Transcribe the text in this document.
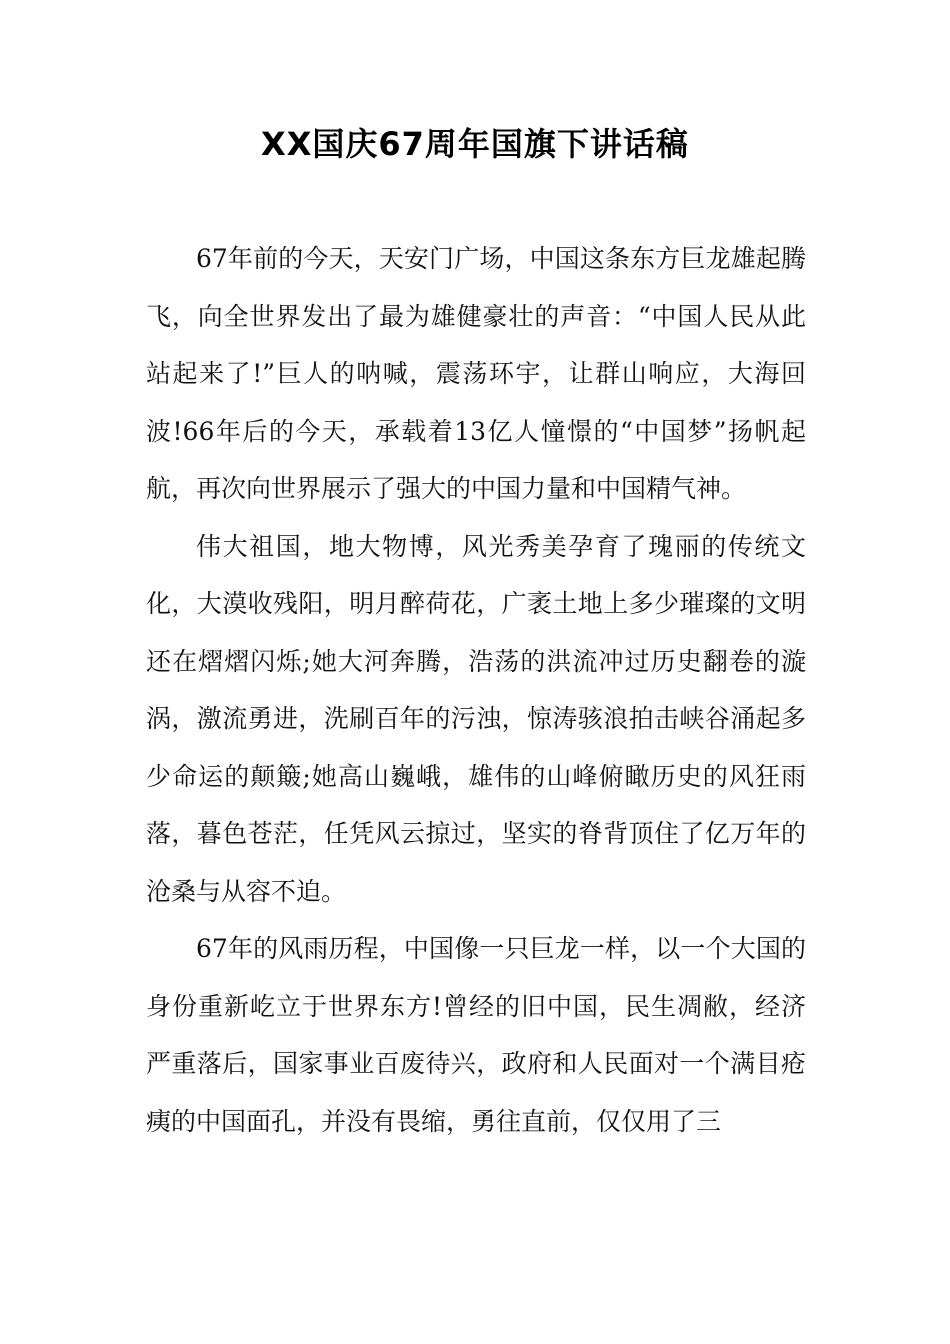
XX国庆67周年国旗下讲话稿

67年前的今天，天安门广场，中国这条东方巨龙雄起腾飞，向全世界发出了最为雄健豪壮的声音：“中国人民从此站起来了!”巨人的呐喊，震荡环宇，让群山响应，大海回波!66年后的今天，承载着13亿人憧憬的“中国梦”扬帆起航，再次向世界展示了强大的中国力量和中国精气神。

伟大祖国，地大物博，风光秀美孕育了瑰丽的传统文化，大漠收残阳，明月醉荷花，广袤土地上多少璀璨的文明还在熠熠闪烁;她大河奔腾，浩荡的洪流冲过历史翻卷的漩涡，激流勇进，洗刷百年的污浊，惊涛骇浪拍击峡谷涌起多少命运的颠簸;她高山巍峨，雄伟的山峰俯瞰历史的风狂雨落，暮色苍茫，任凭风云掠过，坚实的脊背顶住了亿万年的沧桑与从容不迫。

67年的风雨历程，中国像一只巨龙一样，以一个大国的身份重新屹立于世界东方!曾经的旧中国，民生凋敝，经济严重落后，国家事业百废待兴，政府和人民面对一个满目疮痍的中国面孔，并没有畏缩，勇往直前，仅仅用了三
